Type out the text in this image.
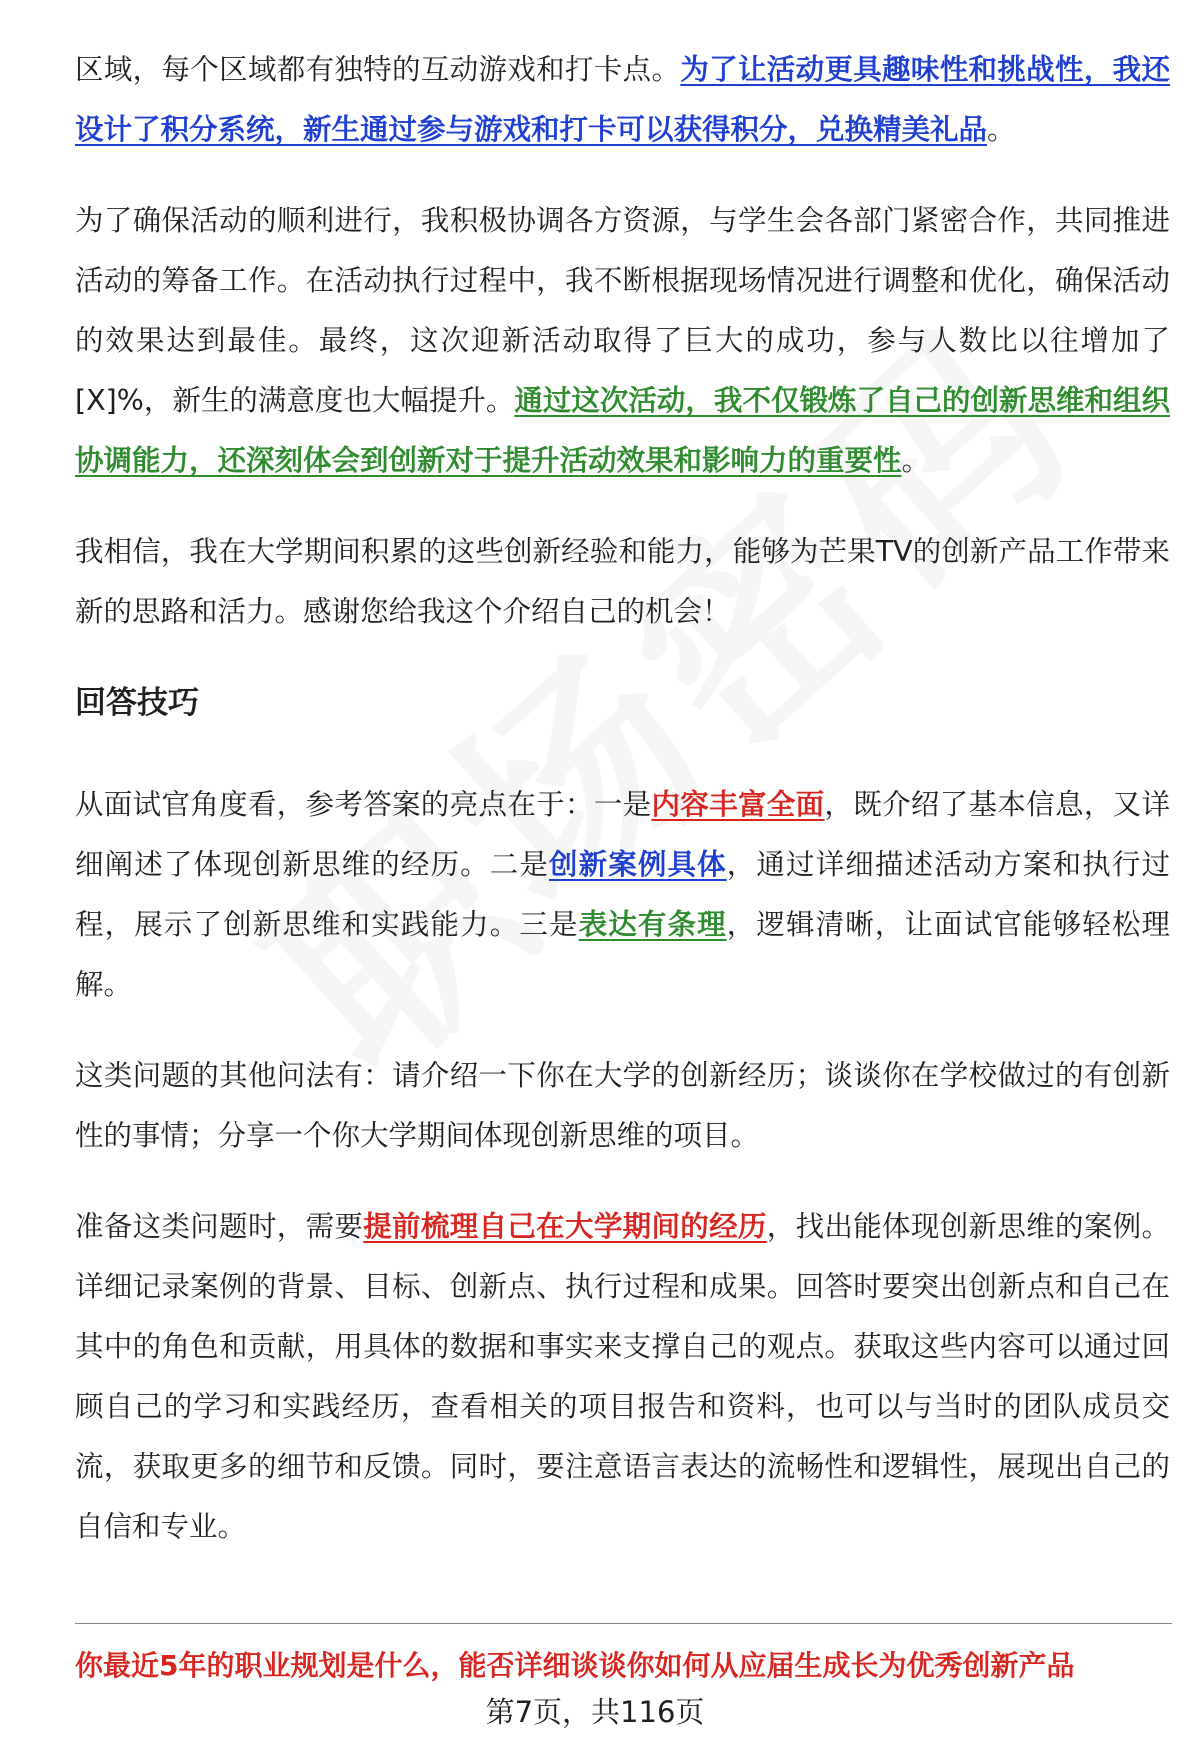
区域，每个区域都有独特的互动游戏和打卡点。为了让活动更具趣味性和挑战性，我还设计了积分系统，新生通过参与游戏和打卡可以获得积分，兑换精美礼品。

为了确保活动的顺利进行，我积极协调各方资源，与学生会各部门紧密合作，共同推进活动的筹备工作。在活动执行过程中，我不断根据现场情况进行调整和优化，确保活动的效果达到最佳。最终，这次迎新活动取得了巨大的成功，参与人数比以往增加了[X]%，新生的满意度也大幅提升。通过这次活动，我不仅锻炼了自己的创新思维和组织协调能力，还深刻体会到创新对于提升活动效果和影响力的重要性。

我相信，我在大学期间积累的这些创新经验和能力，能够为芒果TV的创新产品工作带来新的思路和活力。感谢您给我这个介绍自己的机会！

回答技巧

从面试官角度看，参考答案的亮点在于：一是内容丰富全面，既介绍了基本信息，又详细阐述了体现创新思维的经历。二是创新案例具体，通过详细描述活动方案和执行过程，展示了创新思维和实践能力。三是表达有条理，逻辑清晰，让面试官能够轻松理解。

这类问题的其他问法有：请介绍一下你在大学的创新经历；谈谈你在学校做过的有创新性的事情；分享一个你大学期间体现创新思维的项目。

准备这类问题时，需要提前梳理自己在大学期间的经历，找出能体现创新思维的案例。详细记录案例的背景、目标、创新点、执行过程和成果。回答时要突出创新点和自己在其中的角色和贡献，用具体的数据和事实来支撑自己的观点。获取这些内容可以通过回顾自己的学习和实践经历，查看相关的项目报告和资料，也可以与当时的团队成员交流，获取更多的细节和反馈。同时，要注意语言表达的流畅性和逻辑性，展现出自己的自信和专业。

你最近5年的职业规划是什么，能否详细谈谈你如何从应届生成长为优秀创新产品
第7页，共116页
